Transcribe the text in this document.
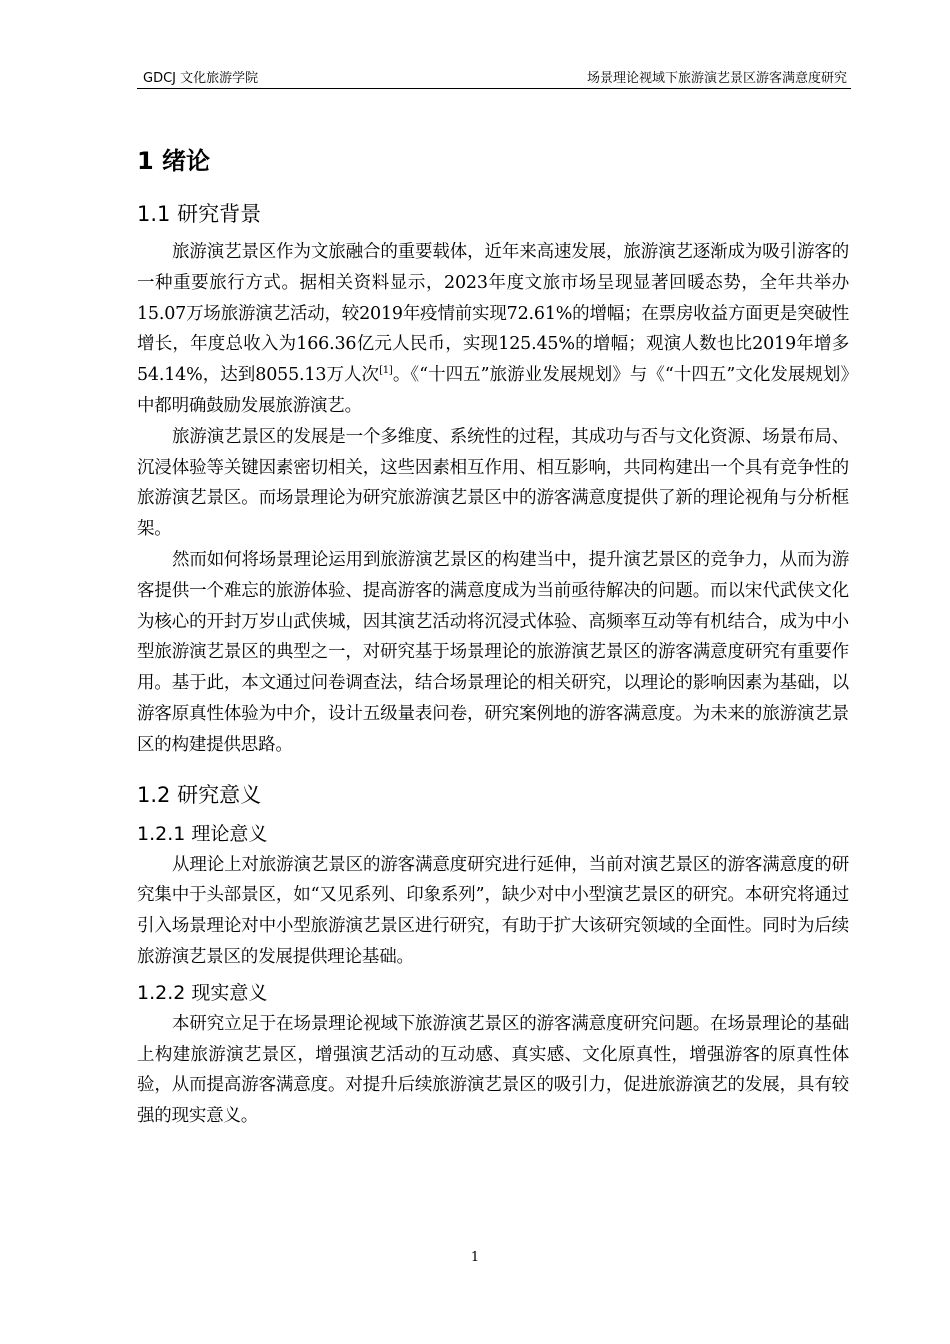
GDCJ 文化旅游学院	场景理论视域下旅游演艺景区游客满意度研究
1 绪论
1.1 研究背景

旅游演艺景区作为文旅融合的重要载体，近年来高速发展，旅游演艺逐渐成为吸引游客的一种重要旅行方式。据相关资料显示，2023年度文旅市场呈现显著回暖态势，全年共举办15.07万场旅游演艺活动，较2019年疫情前实现72.61%的增幅；在票房收益方面更是突破性增长，年度总收入为166.36亿元人民币，实现125.45%的增幅；观演人数也比2019年增多54.14%，达到8055.13万人次[1]。《“十四五”旅游业发展规划》与《“十四五”文化发展规划》中都明确鼓励发展旅游演艺。

旅游演艺景区的发展是一个多维度、系统性的过程，其成功与否与文化资源、场景布局、沉浸体验等关键因素密切相关，这些因素相互作用、相互影响，共同构建出一个具有竞争性的旅游演艺景区。而场景理论为研究旅游演艺景区中的游客满意度提供了新的理论视角与分析框架。

然而如何将场景理论运用到旅游演艺景区的构建当中，提升演艺景区的竞争力，从而为游客提供一个难忘的旅游体验、提高游客的满意度成为当前亟待解决的问题。而以宋代武侠文化为核心的开封万岁山武侠城，因其演艺活动将沉浸式体验、高频率互动等有机结合，成为中小型旅游演艺景区的典型之一，对研究基于场景理论的旅游演艺景区的游客满意度研究有重要作用。基于此，本文通过问卷调查法，结合场景理论的相关研究，以理论的影响因素为基础，以游客原真性体验为中介，设计五级量表问卷，研究案例地的游客满意度。为未来的旅游演艺景区的构建提供思路。

1.2 研究意义
1.2.1 理论意义

从理论上对旅游演艺景区的游客满意度研究进行延伸，当前对演艺景区的游客满意度的研究集中于头部景区，如“又见系列、印象系列”，缺少对中小型演艺景区的研究。本研究将通过引入场景理论对中小型旅游演艺景区进行研究，有助于扩大该研究领域的全面性。同时为后续旅游演艺景区的发展提供理论基础。

1.2.2 现实意义

本研究立足于在场景理论视域下旅游演艺景区的游客满意度研究问题。在场景理论的基础上构建旅游演艺景区，增强演艺活动的互动感、真实感、文化原真性，增强游客的原真性体验，从而提高游客满意度。对提升后续旅游演艺景区的吸引力，促进旅游演艺的发展，具有较强的现实意义。

1
